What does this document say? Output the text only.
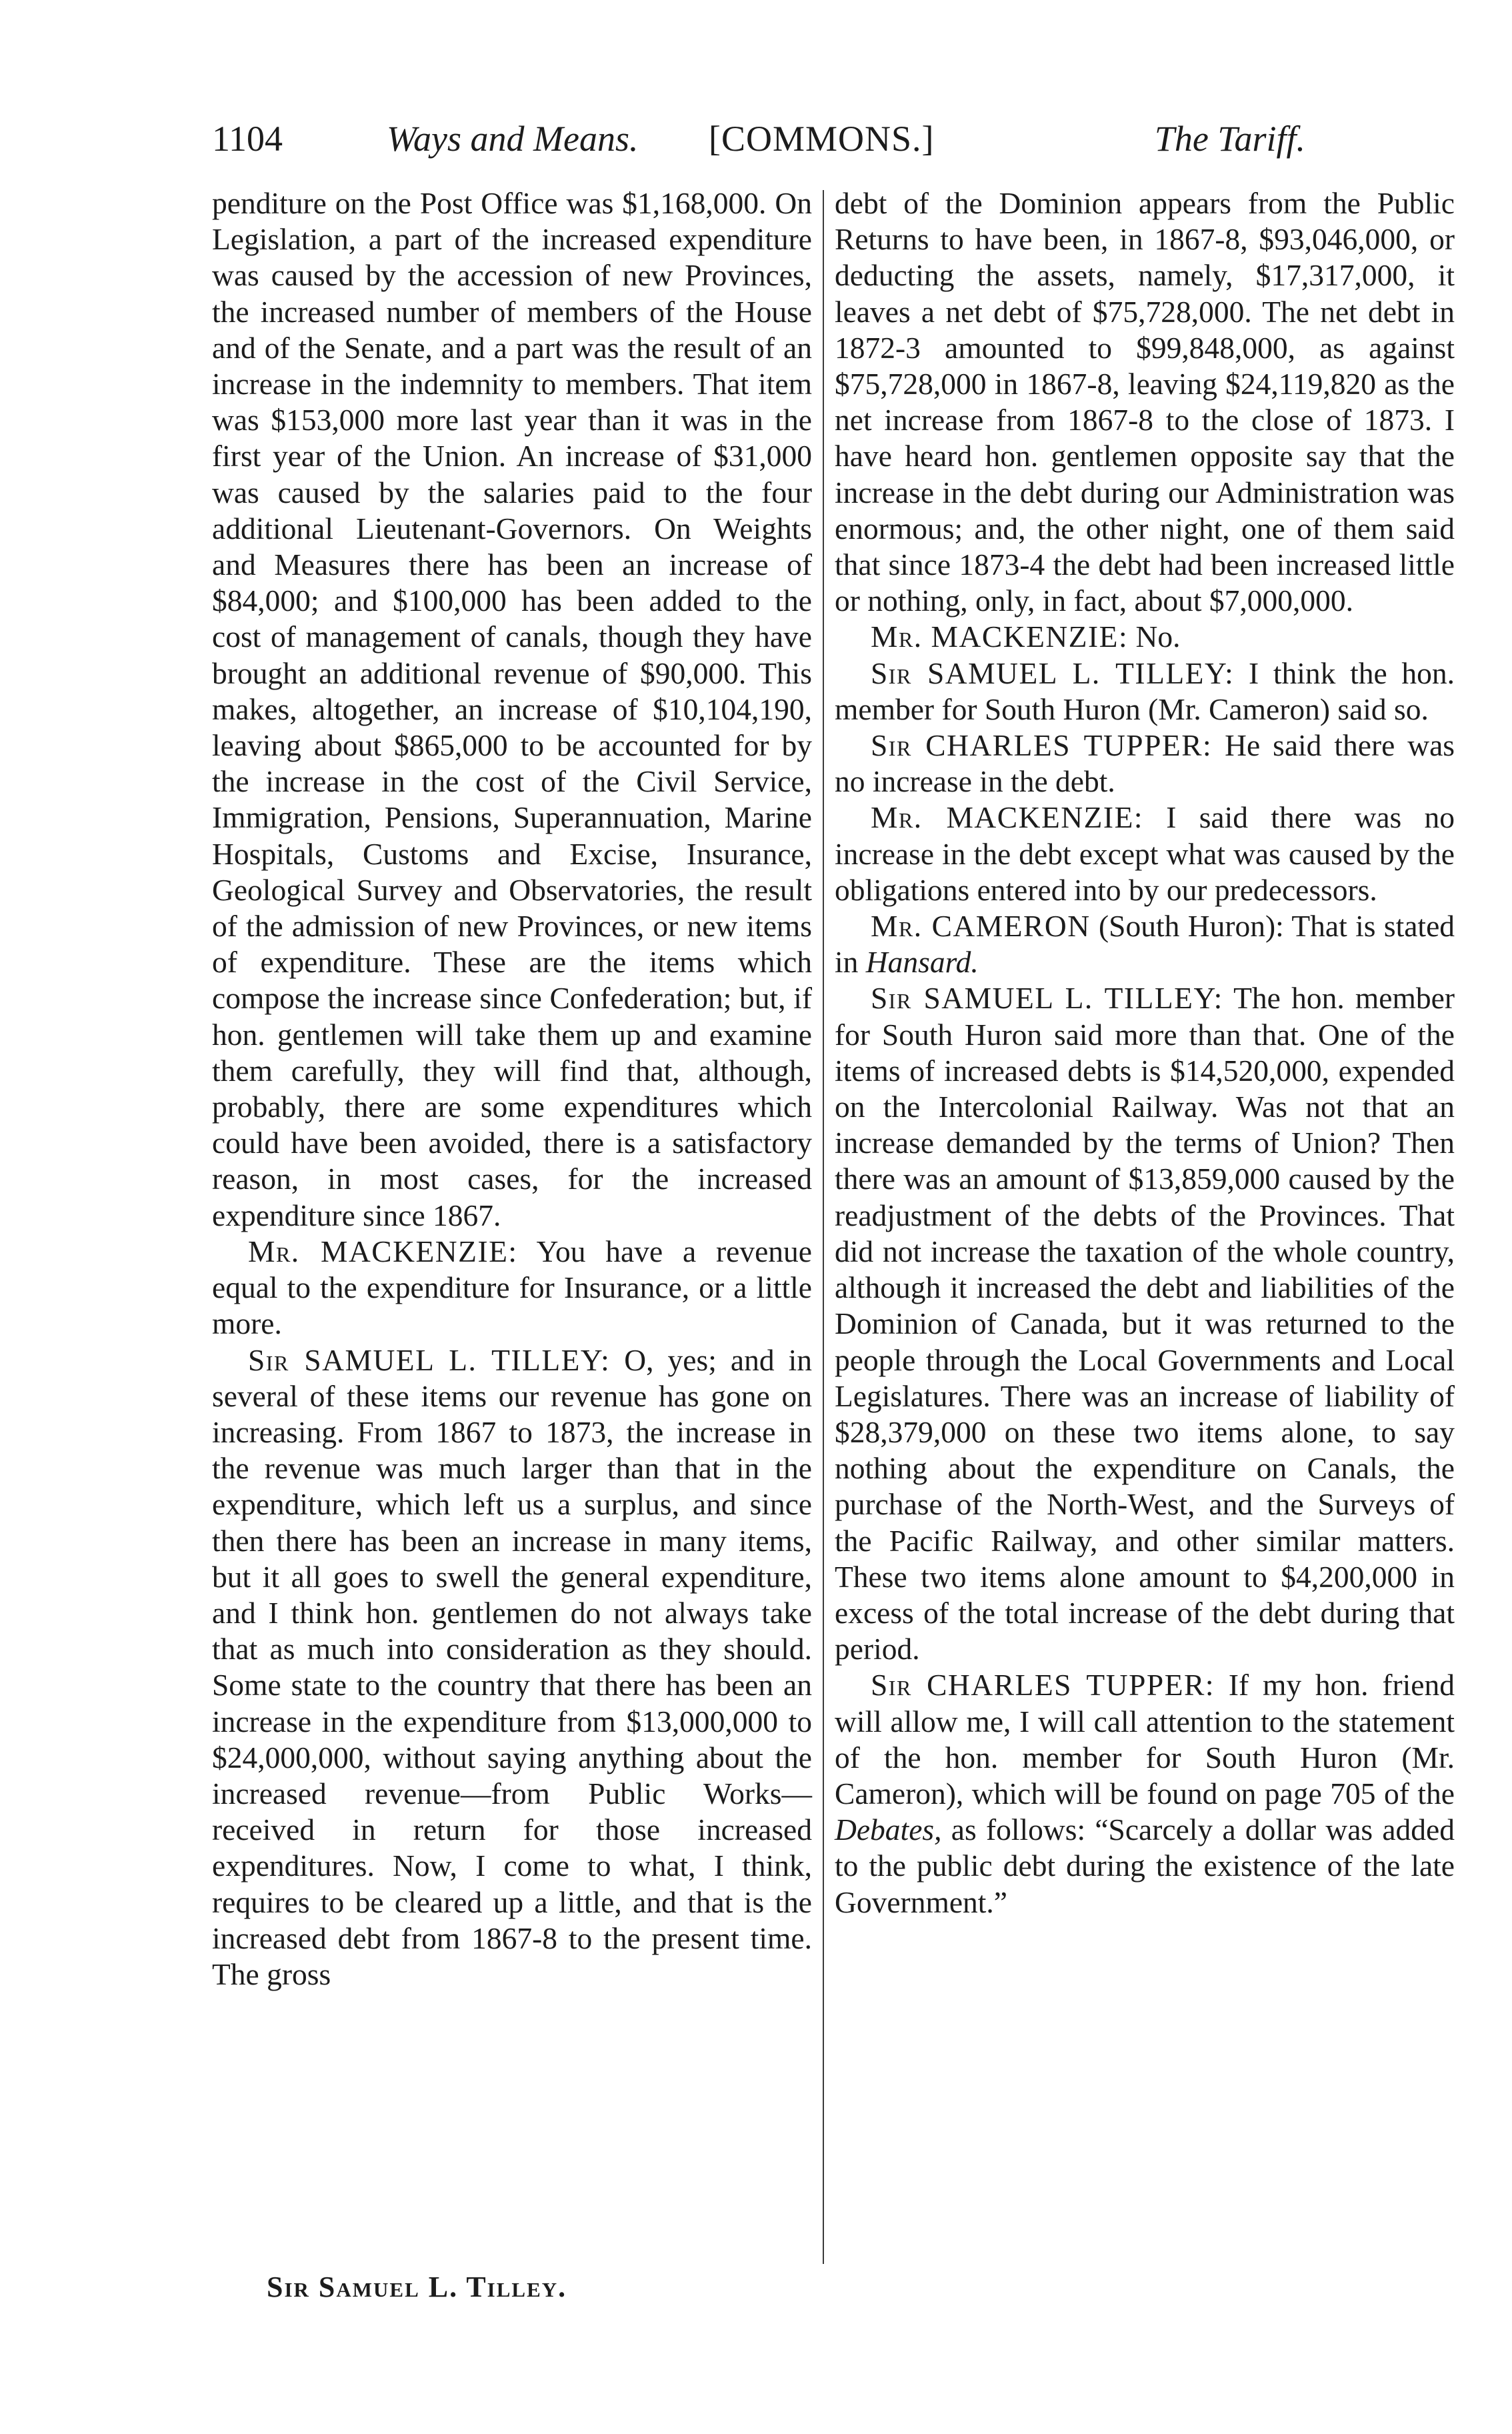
1104	Ways and Means. [COMMONS.]	The Tariff.

penditure on the Post Office was $1,168,000. On Legislation, a part of the increased expenditure was caused by the accession of new Provinces, the increased number of members of the House and of the Senate, and a part was the result of an increase in the indemnity to members. That item was $153,000 more last year than it was in the first year of the Union. An increase of $31,000 was caused by the salaries paid to the four additional Lieutenant-Governors. On Weights and Measures there has been an increase of $84,000; and $100,000 has been added to the cost of management of canals, though they have brought an additional revenue of $90,000. This makes, altogether, an increase of $10,104,190, leaving about $865,000 to be accounted for by the increase in the cost of the Civil Service, Immigration, Pensions, Superannuation, Marine Hospitals, Customs and Excise, Insurance, Geological Survey and Observatories, the result of the admission of new Provinces, or new items of expenditure. These are the items which compose the increase since Confederation; but, if hon. gentlemen will take them up and examine them carefully, they will find that, although, probably, there are some expenditures which could have been avoided, there is a satisfactory reason, in most cases, for the increased expenditure since 1867.

Mr. MACKENZIE: You have a revenue equal to the expenditure for Insurance, or a little more.

Sir SAMUEL L. TILLEY: O, yes; and in several of these items our revenue has gone on increasing. From 1867 to 1873, the increase in the revenue was much larger than that in the expenditure, which left us a surplus, and since then there has been an increase in many items, but it all goes to swell the general expenditure, and I think hon. gentlemen do not always take that as much into consideration as they should. Some state to the country that there has been an increase in the expenditure from $13,000,000 to $24,000,000, without saying anything about the increased revenue—from Public Works—received in return for those increased expenditures. Now, I come to what, I think, requires to be cleared up a little, and that is the increased debt from 1867-8 to the present time. The gross

debt of the Dominion appears from the Public Returns to have been, in 1867-8, $93,046,000, or deducting the assets, namely, $17,317,000, it leaves a net debt of $75,728,000. The net debt in 1872-3 amounted to $99,848,000, as against $75,728,000 in 1867-8, leaving $24,119,820 as the net increase from 1867-8 to the close of 1873. I have heard hon. gentlemen opposite say that the increase in the debt during our Administration was enormous; and, the other night, one of them said that since 1873-4 the debt had been increased little or nothing, only, in fact, about $7,000,000.

Mr. MACKENZIE: No.

Sir SAMUEL L. TILLEY: I think the hon. member for South Huron (Mr. Cameron) said so.

Sir CHARLES TUPPER: He said there was no increase in the debt.

Mr. MACKENZIE: I said there was no increase in the debt except what was caused by the obligations entered into by our predecessors.

Mr. CAMERON (South Huron): That is stated in Hansard.

Sir SAMUEL L. TILLEY: The hon. member for South Huron said more than that. One of the items of increased debts is $14,520,000, expended on the Intercolonial Railway. Was not that an increase demanded by the terms of Union? Then there was an amount of $13,859,000 caused by the readjustment of the debts of the Provinces. That did not increase the taxation of the whole country, although it increased the debt and liabilities of the Dominion of Canada, but it was returned to the people through the Local Governments and Local Legislatures. There was an increase of liability of $28,379,000 on these two items alone, to say nothing about the expenditure on Canals, the purchase of the North-West, and the Surveys of the Pacific Railway, and other similar matters. These two items alone amount to $4,200,000 in excess of the total increase of the debt during that period.

Sir CHARLES TUPPER: If my hon. friend will allow me, I will call attention to the statement of the hon. member for South Huron (Mr. Cameron), which will be found on page 705 of the Debates, as follows: “Scarcely a dollar was added to the public debt during the existence of the late Government.”

Sir Samuel L. Tilley.
